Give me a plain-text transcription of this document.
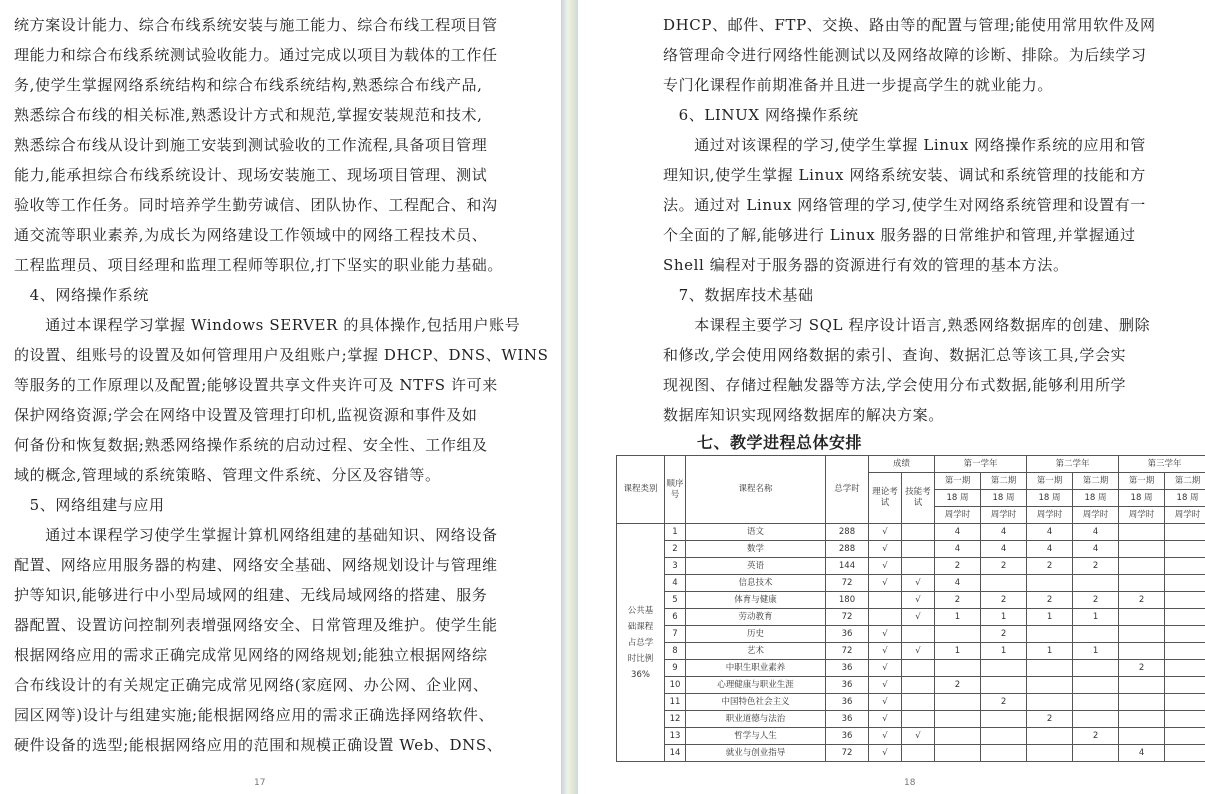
统方案设计能力、综合布线系统安装与施工能力、综合布线工程项目管
理能力和综合布线系统测试验收能力。通过完成以项目为载体的工作任
务,使学生掌握网络系统结构和综合布线系统结构,熟悉综合布线产品,
熟悉综合布线的相关标准,熟悉设计方式和规范,掌握安装规范和技术,
熟悉综合布线从设计到施工安装到测试验收的工作流程,具备项目管理
能力,能承担综合布线系统设计、现场安装施工、现场项目管理、测试
验收等工作任务。同时培养学生勤劳诚信、团队协作、工程配合、和沟
通交流等职业素养,为成长为网络建设工作领域中的网络工程技术员、
工程监理员、项目经理和监理工程师等职位,打下坚实的职业能力基础。
　4、网络操作系统
　　通过本课程学习掌握 Windows SERVER 的具体操作,包括用户账号
的设置、组账号的设置及如何管理用户及组账户;掌握 DHCP、DNS、WINS
等服务的工作原理以及配置;能够设置共享文件夹许可及 NTFS 许可来
保护网络资源;学会在网络中设置及管理打印机,监视资源和事件及如
何备份和恢复数据;熟悉网络操作系统的启动过程、安全性、工作组及
域的概念,管理域的系统策略、管理文件系统、分区及容错等。
　5、网络组建与应用
　　通过本课程学习使学生掌握计算机网络组建的基础知识、网络设备
配置、网络应用服务器的构建、网络安全基础、网络规划设计与管理维
护等知识,能够进行中小型局域网的组建、无线局域网络的搭建、服务
器配置、设置访问控制列表增强网络安全、日常管理及维护。使学生能
根据网络应用的需求正确完成常见网络的网络规划;能独立根据网络综
合布线设计的有关规定正确完成常见网络(家庭网、办公网、企业网、
园区网等)设计与组建实施;能根据网络应用的需求正确选择网络软件、
硬件设备的选型;能根据网络应用的范围和规模正确设置 Web、DNS、
17
DHCP、邮件、FTP、交换、路由等的配置与管理;能使用常用软件及网
络管理命令进行网络性能测试以及网络故障的诊断、排除。为后续学习
专门化课程作前期准备并且进一步提高学生的就业能力。
　6、LINUX 网络操作系统
　　通过对该课程的学习,使学生掌握 Linux 网络操作系统的应用和管
理知识,使学生掌握 Linux 网络系统安装、调试和系统管理的技能和方
法。通过对 Linux 网络管理的学习,使学生对网络系统管理和设置有一
个全面的了解,能够进行 Linux 服务器的日常维护和管理,并掌握通过
Shell 编程对于服务器的资源进行有效的管理的基本方法。
　7、数据库技术基础
　　本课程主要学习 SQL 程序设计语言,熟悉网络数据库的创建、删除
和修改,学会使用网络数据的索引、查询、数据汇总等该工具,学会实
现视图、存储过程触发器等方法,学会使用分布式数据,能够利用所学
数据库知识实现网络数据库的解决方案。
七、教学进程总体安排
课程类别	顺序号	课程名称	总学时	成绩		第一学年		第二学年		第三学年	
				理论考试	技能考试	第一期	第二期	第一期	第二期	第一期	第二期
						18 周	18 周	18 周	18 周	18 周	18 周
						周学时	周学时	周学时	周学时	周学时	周学时

公共基
础课程
占总学
时比例
36%	1	语文	288	√		4	4	4	4		
	2	数学	288	√		4	4	4	4		
	3	英语	144	√		2	2	2	2		
	4	信息技术	72	√	√	4					
	5	体育与健康	180		√	2	2	2	2	2	
	6	劳动教育	72		√	1	1	1	1		
	7	历史	36	√			2				
	8	艺术	72	√	√	1	1	1	1		
	9	中职生职业素养	36	√						2	
	10	心理健康与职业生涯	36	√		2					
	11	中国特色社会主义	36	√			2				
	12	职业道德与法治	36	√				2			
	13	哲学与人生	36	√	√				2		
	14	就业与创业指导	72	√						4	
18
